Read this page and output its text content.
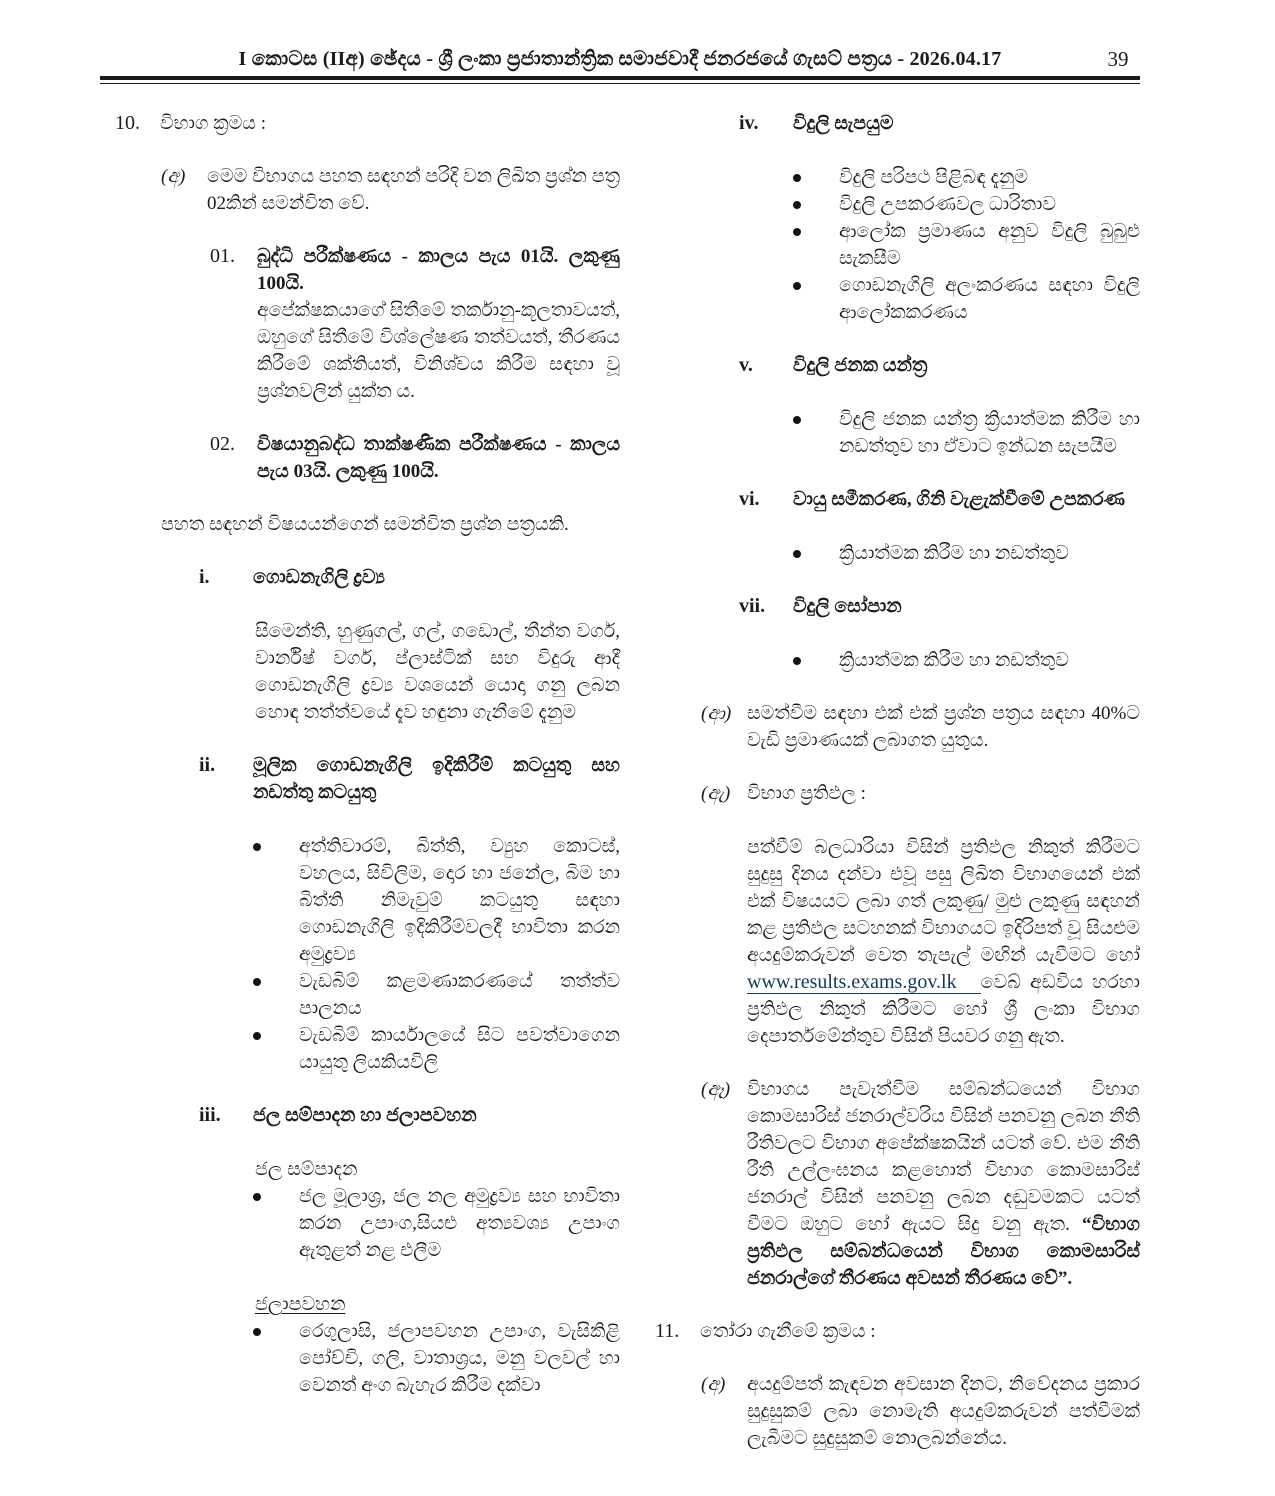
I කොටස (IIඅ) ඡේදය - ශ්‍රී ලංකා ප්‍රජාතාන්ත්‍රික සමාජවාදී ජනරජයේ ගැසට් පත්‍රය - 2026.04.17	39
10.	විභාග ක්‍රමය :
(අ)	මෙම විභාගය පහත සඳහන් පරිදි වන ලිඛිත ප්‍රශ්න පත්‍ර 02කින් සමන්විත වේ.
01.	බුද්ධි පරීක්ෂණය - කාලය පැය 01යි. ලකුණු 100යි.
අපේක්ෂකයාගේ සිතීමේ තර්කානු-කූලතාවයත්, ඔහුගේ සිතීමේ විශ්ලේෂණ තත්වයත්, තීරණය කිරීමේ ශක්තියත්, විනිශ්චය කිරීම සඳහා වූ ප්‍රශ්නවලින් යුක්ත ය.
02.	විෂයානුබද්ධ තාක්ෂණික පරීක්ෂණය - කාලය පැය 03යි. ලකුණු 100යි.
පහත සඳහන් විෂයයන්ගෙන් සමන්විත ප්‍රශ්න පත්‍රයකි.
i.	ගොඩනැගිලි ද්‍රව්‍ය
සිමෙන්ති, හුණුගල්, ගල්, ගඩොල්, තීන්ත වර්ග, වාර්නිෂ් වර්ග, ප්ලාස්ටික් සහ විදුරු ආදී ගොඩනැගිලි ද්‍රව්‍ය වශයෙන් යොදා ගනු ලබන හොඳ තත්ත්වයේ දැව හඳුනා ගැනීමේ දැනුම
ii.	මූලික ගොඩනැගිලි ඉදිකිරීම් කටයුතු සහ නඩත්තු කටයුතු
අත්තිවාරම්, බිත්ති, ව්‍යුහ කොටස්, වහලය, සිවිලිම, දොර හා ජනේල, බිම හා බිත්ති නිමැවුම් කටයුතු සඳහා ගොඩනැගිලි ඉදිකිරීම්වලදී භාවිතා කරන අමුද්‍රව්‍ය
වැඩබිම් කළමණාකරණයේ තත්ත්ව පාලනය
වැඩබිම් කාර්යාලයේ සිට පවත්වාගෙන යායුතු ලියකියවිලි
iii.	ජල සම්පාදන හා ජලාපවහන
ජල සම්පාදන
ජල මූලාශ්‍ර, ජල නල අමුද්‍රව්‍ය සහ භාවිතා කරන උපාංග,සියළු අත්‍යවශ්‍ය උපාංග ඇතුළත් නළ එලීම
ජලාපවහන
රෙගුලාසි, ජලාපවහන උපාංග, වැසිකිළි පෝච්චි, ගලි, වාතාශ්‍රය, මනු වලවල් හා වෙනත් අංග බැහැර කිරීම දක්වා
iv.	විදුලි සැපයුම
විදුලි පරිපථ පිළිබඳ දැනුම
විදුලි උපකරණවල ධාරිතාව
ආලෝක ප්‍රමාණය අනුව විදුලි බුබුළු සැකසීම
ගොඩනැගිලි අලංකරණය සඳහා විදුලි ආලෝකකරණය
v.	විදුලි ජනක යන්ත්‍ර
විදුලි ජනක යන්ත්‍ර ක්‍රියාත්මක කිරීම හා නඩත්තුව හා ඒවාට ඉන්ධන සැපයීම
vi.	වායු සමීකරණ, ගිනි වැළැක්වීමේ උපකරණ
ක්‍රියාත්මක කිරීම හා නඩත්තුව
vii.	විදුලි සෝපාන
ක්‍රියාත්මක කිරීම හා නඩත්තුව
(ආ) සමත්වීම සඳහා එක් එක් ප්‍රශ්න පත්‍රය සඳහා 40%ට වැඩි ප්‍රමාණයක් ලබාගත යුතුය.
(ඇ) විභාග ප්‍රතිඵල :
පත්වීම් බලධාරියා විසින් ප්‍රතිඵල නිකුත් කිරීමට සුදුසු දිනය දන්වා එවූ පසු ලිඛිත විභාගයෙන් එක් එක් විෂයයට ලබා ගත් ලකුණු/ මුළු ලකුණු සඳහන් කළ ප්‍රතිඵල සටහනක් විභාගයට ඉදිරිපත් වූ සියළුම අයදුම්කරුවන් වෙත තැපැල් මඟින් යැවීමට හෝ www.results.exams.gov.lk වෙබ් අඩවිය හරහා ප්‍රතිඵල නිකුත් කිරීමට හෝ ශ්‍රී ලංකා විභාග දෙපාර්තමේන්තුව විසින් පියවර ගනු ඇත.
(ඈ) විභාගය පැවැත්වීම සම්බන්ධයෙන් විභාග කොමසාරිස් ජනරාල්වරිය විසින් පනවනු ලබන නීති රීතිවලට විභාග අපේක්ෂකයින් යටත් වේ. එම නීති රීති උල්ලංඝනය කළහොත් විභාග කොමසාරිස් ජනරාල් විසින් පනවනු ලබන දඬුවමකට යටත් වීමට ඔහුට හෝ ඇයට සිදු වනු ඇත. “විභාග ප්‍රතිඵල සම්බන්ධයෙන් විභාග කොමසාරිස් ජනරාල්ගේ තීරණය අවසන් තීරණය වේ”.
11.	තෝරා ගැනීමේ ක්‍රමය :
(අ)	අයදුම්පත් කැඳවන අවසාන දිනට, නිවේදනය ප්‍රකාර සුදුසුකම් ලබා නොමැති අයදුම්කරුවන් පත්වීමක් ලැබීමට සුදුසුකම් නොලබන්නේය.
